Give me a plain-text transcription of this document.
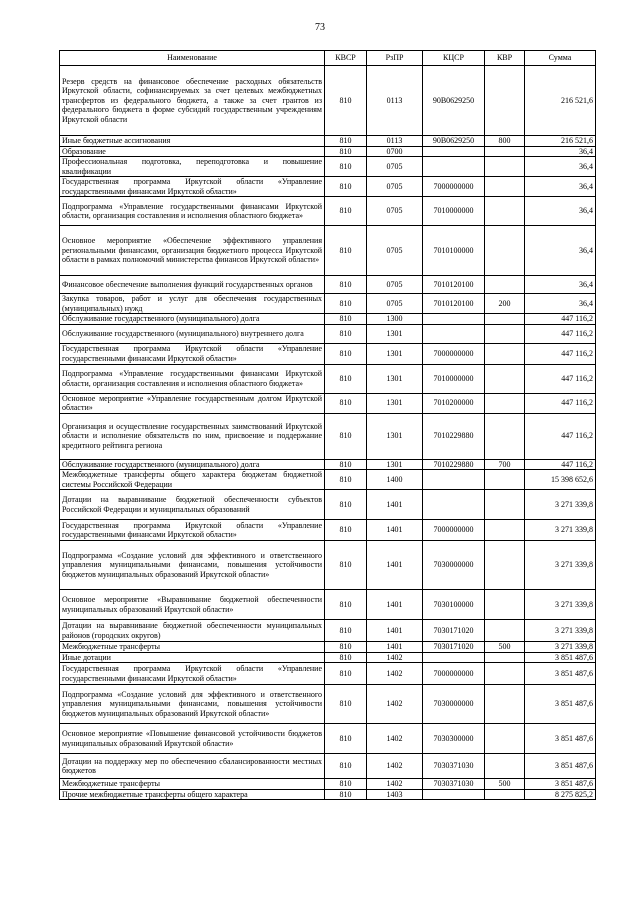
73
Наименование	КВСР	РзПР	КЦСР	КВР	Сумма
Резерв средств на финансовое обеспечение расходных обязательств Иркутской области, софинансируемых за счет целевых межбюджетных трансфертов из федерального бюджета, а также за счет грантов из федерального бюджета в форме субсидий государственным учреждениям Иркутской области	810	0113	90В0629250		216 521,6
Иные бюджетные ассигнования	810	0113	90В0629250	800	216 521,6
Образование	810	0700			36,4
Профессиональная подготовка, переподготовка и повышение квалификации	810	0705			36,4
Государственная программа Иркутской области «Управление государственными финансами Иркутской области»	810	0705	7000000000		36,4
Подпрограмма «Управление государственными финансами Иркутской области, организация составления и исполнения областного бюджета»	810	0705	7010000000		36,4
Основное мероприятие «Обеспечение эффективного управления региональными финансами, организация бюджетного процесса Иркутской области в рамках полномочий министерства финансов Иркутской области»	810	0705	7010100000		36,4
Финансовое обеспечение выполнения функций государственных органов	810	0705	7010120100		36,4
Закупка товаров, работ и услуг для обеспечения государственных (муниципальных) нужд	810	0705	7010120100	200	36,4
Обслуживание государственного (муниципального) долга	810	1300			447 116,2
Обслуживание государственного (муниципального) внутреннего долга	810	1301			447 116,2
Государственная программа Иркутской области «Управление государственными финансами Иркутской области»	810	1301	7000000000		447 116,2
Подпрограмма «Управление государственными финансами Иркутской области, организация составления и исполнения областного бюджета»	810	1301	7010000000		447 116,2
Основное мероприятие «Управление государственным долгом Иркутской области»	810	1301	7010200000		447 116,2
Организация и осуществление государственных заимствований Иркутской области и исполнение обязательств по ним, присвоение и поддержание кредитного рейтинга региона	810	1301	7010229880		447 116,2
Обслуживание государственного (муниципального) долга	810	1301	7010229880	700	447 116,2
Межбюджетные трансферты общего характера бюджетам бюджетной системы Российской Федерации	810	1400			15 398 652,6
Дотации на выравнивание бюджетной обеспеченности субъектов Российской Федерации и муниципальных образований	810	1401			3 271 339,8
Государственная программа Иркутской области «Управление государственными финансами Иркутской области»	810	1401	7000000000		3 271 339,8
Подпрограмма «Создание условий для эффективного и ответственного управления муниципальными финансами, повышения устойчивости бюджетов муниципальных образований Иркутской области»	810	1401	7030000000		3 271 339,8
Основное мероприятие «Выравнивание бюджетной обеспеченности муниципальных образований Иркутской области»	810	1401	7030100000		3 271 339,8
Дотации на выравнивание бюджетной обеспеченности муниципальных районов (городских округов)	810	1401	7030171020		3 271 339,8
Межбюджетные трансферты	810	1401	7030171020	500	3 271 339,8
Иные дотации	810	1402			3 851 487,6
Государственная программа Иркутской области «Управление государственными финансами Иркутской области»	810	1402	7000000000		3 851 487,6
Подпрограмма «Создание условий для эффективного и ответственного управления муниципальными финансами, повышения устойчивости бюджетов муниципальных образований Иркутской области»	810	1402	7030000000		3 851 487,6
Основное мероприятие «Повышение финансовой устойчивости бюджетов муниципальных образований Иркутской области»	810	1402	7030300000		3 851 487,6
Дотации на поддержку мер по обеспечению сбалансированности местных бюджетов	810	1402	7030371030		3 851 487,6
Межбюджетные трансферты	810	1402	7030371030	500	3 851 487,6
Прочие межбюджетные трансферты общего характера	810	1403			8 275 825,2
